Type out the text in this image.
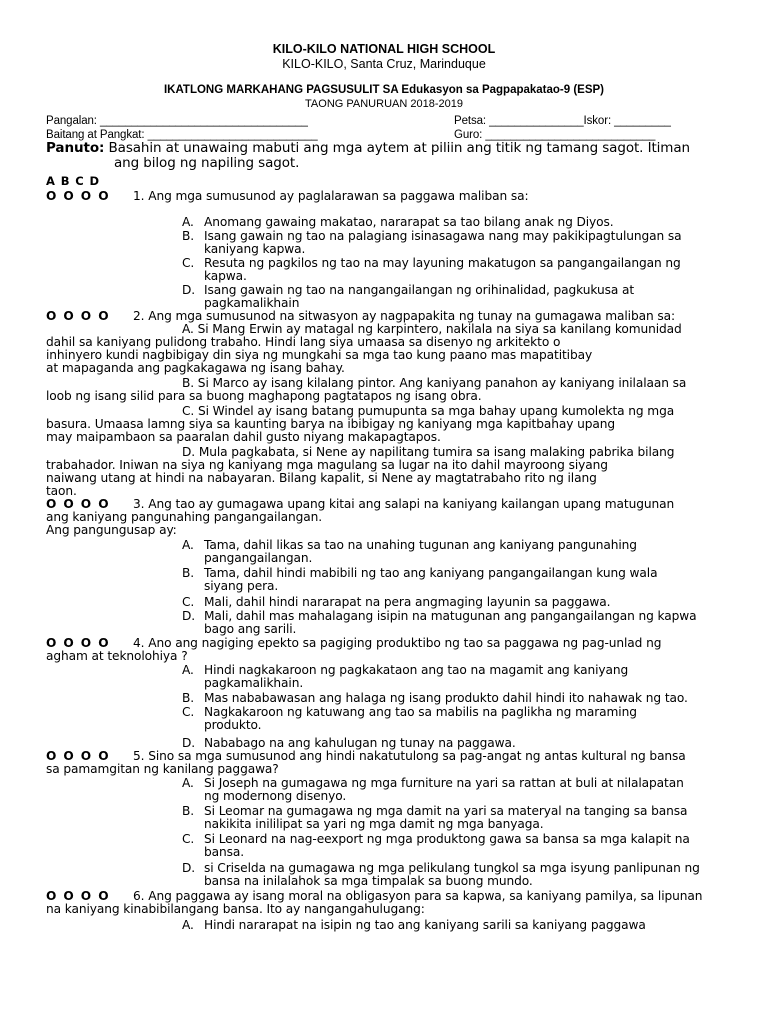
KILO-KILO NATIONAL HIGH SCHOOL
KILO-KILO, Santa Cruz, Marinduque
IKATLONG MARKAHANG PAGSUSULIT SA Edukasyon sa Pagpapakatao-9 (ESP)
TAONG PANURUAN 2018-2019
Pangalan: _________________________________	Petsa: _______________Iskor: _________
Baitang at Pangkat: ___________________________	Guro: ___________________________
Panuto: Basahin at unawaing mabuti ang mga aytem at piliin ang titik ng tamang sagot. Itiman
ang bilog ng napiling sagot.
A B C D
O O O O 1. Ang mga sumusunod ay paglalarawan sa paggawa maliban sa:
A. Anomang gawaing makatao, nararapat sa tao bilang anak ng Diyos.
B. Isang gawain ng tao na palagiang isinasagawa nang may pakikipagtulungan sa
kaniyang kapwa.
C. Resuta ng pagkilos ng tao na may layuning makatugon sa pangangailangan ng
kapwa.
D. Isang gawain ng tao na nangangailangan ng orihinalidad, pagkukusa at
pagkamalikhain
O O O O 2. Ang mga sumusunod na sitwasyon ay nagpapakita ng tunay na gumagawa maliban sa:
A. Si Mang Erwin ay matagal ng karpintero, nakilala na siya sa kanilang komunidad
dahil sa kaniyang pulidong trabaho. Hindi lang siya umaasa sa disenyo ng arkitekto o
inhinyero kundi nagbibigay din siya ng mungkahi sa mga tao kung paano mas mapatitibay
at mapaganda ang pagkakagawa ng isang bahay.
B. Si Marco ay isang kilalang pintor. Ang kaniyang panahon ay kaniyang inilalaan sa
loob ng isang silid para sa buong maghapong pagtatapos ng isang obra.
C. Si Windel ay isang batang pumupunta sa mga bahay upang kumolekta ng mga
basura. Umaasa lamng siya sa kaunting barya na ibibigay ng kaniyang mga kapitbahay upang
may maipambaon sa paaralan dahil gusto niyang makapagtapos.
D. Mula pagkabata, si Nene ay napilitang tumira sa isang malaking pabrika bilang
trabahador. Iniwan na siya ng kaniyang mga magulang sa lugar na ito dahil mayroong siyang
naiwang utang at hindi na nabayaran. Bilang kapalit, si Nene ay magtatrabaho rito ng ilang
taon.
O O O O 3. Ang tao ay gumagawa upang kitai ang salapi na kaniyang kailangan upang matugunan
ang kaniyang pangunahing pangangailangan.
Ang pangungusap ay:
A. Tama, dahil likas sa tao na unahing tugunan ang kaniyang pangunahing
pangangailangan.
B. Tama, dahil hindi mabibili ng tao ang kaniyang pangangailangan kung wala
siyang pera.
C. Mali, dahil hindi nararapat na pera angmaging layunin sa paggawa.
D. Mali, dahil mas mahalagang isipin na matugunan ang pangangailangan ng kapwa
bago ang sarili.
O O O O 4. Ano ang nagiging epekto sa pagiging produktibo ng tao sa paggawa ng pag-unlad ng
agham at teknolohiya ?
A. Hindi nagkakaroon ng pagkakataon ang tao na magamit ang kaniyang
pagkamalikhain.
B. Mas nababawasan ang halaga ng isang produkto dahil hindi ito nahawak ng tao.
C. Nagkakaroon ng katuwang ang tao sa mabilis na paglikha ng maraming
produkto.
D. Nababago na ang kahulugan ng tunay na paggawa.
O O O O 5. Sino sa mga sumusunod ang hindi nakatutulong sa pag-angat ng antas kultural ng bansa
sa pamamgitan ng kanilang paggawa?
A. Si Joseph na gumagawa ng mga furniture na yari sa rattan at buli at nilalapatan
ng modernong disenyo.
B. Si Leomar na gumagawa ng mga damit na yari sa materyal na tanging sa bansa
nakikita inililipat sa yari ng mga damit ng mga banyaga.
C. Si Leonard na nag-eexport ng mga produktong gawa sa bansa sa mga kalapit na
bansa.
D. si Criselda na gumagawa ng mga pelikulang tungkol sa mga isyung panlipunan ng
bansa na inilalahok sa mga timpalak sa buong mundo.
O O O O 6. Ang paggawa ay isang moral na obligasyon para sa kapwa, sa kaniyang pamilya, sa lipunan
na kaniyang kinabibilangang bansa. Ito ay nangangahulugang:
A. Hindi nararapat na isipin ng tao ang kaniyang sarili sa kaniyang paggawa
